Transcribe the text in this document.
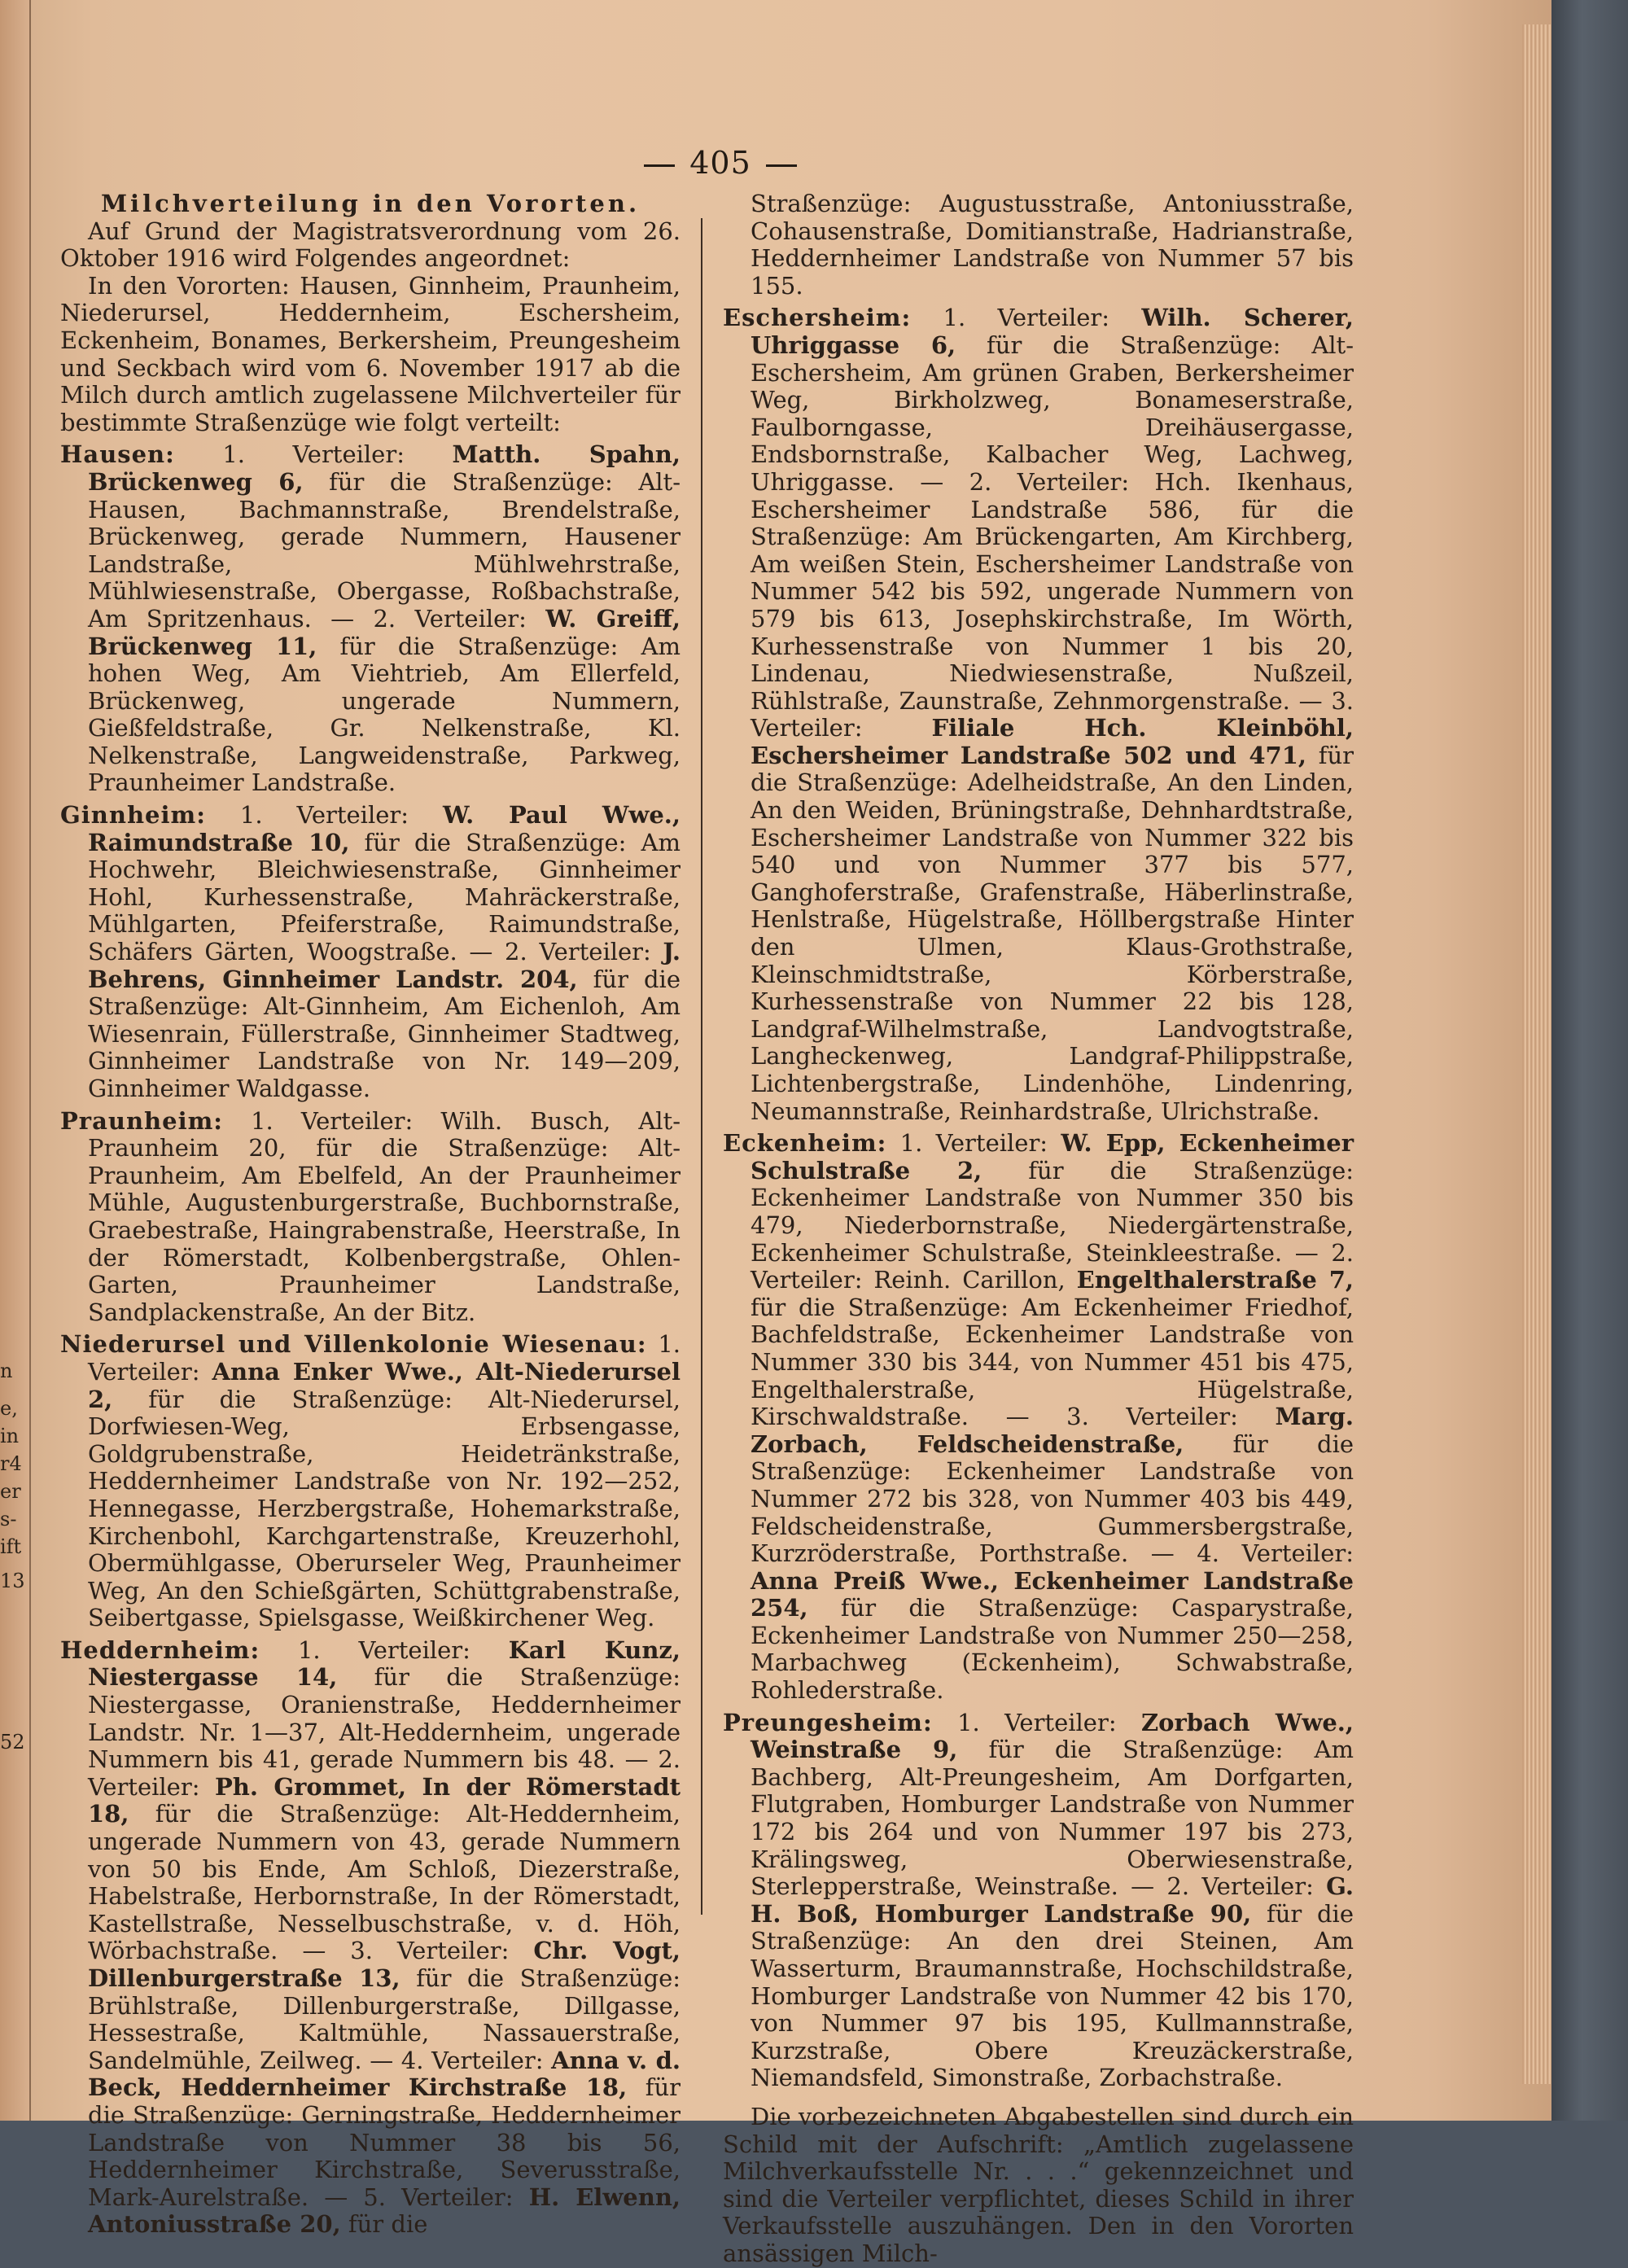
n
e,
in
r4
er
s-
ift
13
52
405

Milchverteilung in den Vororten.

Auf Grund der Magistratsverordnung vom 26. Oktober 1916 wird Folgendes angeordnet:

In den Vororten: Hausen, Ginnheim, Praunheim, Niederursel, Heddernheim, Eschersheim, Eckenheim, Bonames, Berkersheim, Preungesheim und Seckbach wird vom 6. November 1917 ab die Milch durch amtlich zugelassene Milchverteiler für bestimmte Straßenzüge wie folgt verteilt:

Hausen: 1. Verteiler: Matth. Spahn, Brückenweg 6, für die Straßenzüge: Alt-Hausen, Bachmannstraße, Brendelstraße, Brückenweg, gerade Nummern, Hausener Landstraße, Mühlwehrstraße, Mühlwiesenstraße, Obergasse, Roßbachstraße, Am Spritzenhaus. — 2. Verteiler: W. Greiff, Brückenweg 11, für die Straßenzüge: Am hohen Weg, Am Viehtrieb, Am Ellerfeld, Brückenweg, ungerade Nummern, Gießfeldstraße, Gr. Nelkenstraße, Kl. Nelkenstraße, Langweidenstraße, Parkweg, Praunheimer Landstraße.

Ginnheim: 1. Verteiler: W. Paul Wwe., Raimundstraße 10, für die Straßenzüge: Am Hochwehr, Bleichwiesenstraße, Ginnheimer Hohl, Kurhessenstraße, Mahräckerstraße, Mühlgarten, Pfeiferstraße, Raimundstraße, Schäfers Gärten, Woogstraße. — 2. Verteiler: J. Behrens, Ginnheimer Landstr. 204, für die Straßenzüge: Alt-Ginnheim, Am Eichenloh, Am Wiesenrain, Füllerstraße, Ginnheimer Stadtweg, Ginnheimer Landstraße von Nr. 149—209, Ginnheimer Waldgasse.

Praunheim: 1. Verteiler: Wilh. Busch, Alt-Praunheim 20, für die Straßenzüge: Alt-Praunheim, Am Ebelfeld, An der Praunheimer Mühle, Augustenburgerstraße, Buchbornstraße, Graebestraße, Haingrabenstraße, Heerstraße, In der Römerstadt, Kolbenbergstraße, Ohlen-Garten, Praunheimer Landstraße, Sandplackenstraße, An der Bitz.

Niederursel und Villenkolonie Wiesenau: 1. Verteiler: Anna Enker Wwe., Alt-Niederursel 2, für die Straßenzüge: Alt-Niederursel, Dorfwiesen-Weg, Erbsengasse, Goldgrubenstraße, Heidetränkstraße, Heddernheimer Landstraße von Nr. 192—252, Hennegasse, Herzbergstraße, Hohemarkstraße, Kirchenbohl, Karchgartenstraße, Kreuzerhohl, Obermühlgasse, Oberurseler Weg, Praunheimer Weg, An den Schießgärten, Schüttgrabenstraße, Seibertgasse, Spielsgasse, Weißkirchener Weg.

Heddernheim: 1. Verteiler: Karl Kunz, Niestergasse 14, für die Straßenzüge: Niestergasse, Oranienstraße, Heddernheimer Landstr. Nr. 1—37, Alt-Heddernheim, ungerade Nummern bis 41, gerade Nummern bis 48. — 2. Verteiler: Ph. Grommet, In der Römerstadt 18, für die Straßenzüge: Alt-Heddernheim, ungerade Nummern von 43, gerade Nummern von 50 bis Ende, Am Schloß, Diezerstraße, Habelstraße, Herbornstraße, In der Römerstadt, Kastellstraße, Nesselbuschstraße, v. d. Höh, Wörbachstraße. — 3. Verteiler: Chr. Vogt, Dillenburgerstraße 13, für die Straßenzüge: Brühlstraße, Dillenburgerstraße, Dillgasse, Hessestraße, Kaltmühle, Nassauerstraße, Sandelmühle, Zeilweg. — 4. Verteiler: Anna v. d. Beck, Heddernheimer Kirchstraße 18, für die Straßenzüge: Gerningstraße, Heddernheimer Landstraße von Nummer 38 bis 56, Heddernheimer Kirchstraße, Severusstraße, Mark-Aurelstraße. — 5. Verteiler: H. Elwenn, Antoniusstraße 20, für die

Straßenzüge: Augustusstraße, Antoniusstraße, Cohausenstraße, Domitianstraße, Hadrianstraße, Heddernheimer Landstraße von Nummer 57 bis 155.

Eschersheim: 1. Verteiler: Wilh. Scherer, Uhriggasse 6, für die Straßenzüge: Alt-Eschersheim, Am grünen Graben, Berkersheimer Weg, Birkholzweg, Bonameserstraße, Faulborngasse, Dreihäusergasse, Endsbornstraße, Kalbacher Weg, Lachweg, Uhriggasse. — 2. Verteiler: Hch. Ikenhaus, Eschersheimer Landstraße 586, für die Straßenzüge: Am Brückengarten, Am Kirchberg, Am weißen Stein, Eschersheimer Landstraße von Nummer 542 bis 592, ungerade Nummern von 579 bis 613, Josephskirchstraße, Im Wörth, Kurhessenstraße von Nummer 1 bis 20, Lindenau, Niedwiesenstraße, Nußzeil, Rühlstraße, Zaunstraße, Zehnmorgenstraße. — 3. Verteiler: Filiale Hch. Kleinböhl, Eschersheimer Landstraße 502 und 471, für die Straßenzüge: Adelheidstraße, An den Linden, An den Weiden, Brüningstraße, Dehnhardtstraße, Eschersheimer Landstraße von Nummer 322 bis 540 und von Nummer 377 bis 577, Ganghoferstraße, Grafenstraße, Häberlinstraße, Henlstraße, Hügelstraße, Höllbergstraße Hinter den Ulmen, Klaus-Grothstraße, Kleinschmidtstraße, Körberstraße, Kurhessenstraße von Nummer 22 bis 128, Landgraf-Wilhelmstraße, Landvogtstraße, Langheckenweg, Landgraf-Philippstraße, Lichtenbergstraße, Lindenhöhe, Lindenring, Neumannstraße, Reinhardstraße, Ulrichstraße.

Eckenheim: 1. Verteiler: W. Epp, Eckenheimer Schulstraße 2, für die Straßenzüge: Eckenheimer Landstraße von Nummer 350 bis 479, Niederbornstraße, Niedergärtenstraße, Eckenheimer Schulstraße, Steinkleestraße. — 2. Verteiler: Reinh. Carillon, Engelthalerstraße 7, für die Straßenzüge: Am Eckenheimer Friedhof, Bachfeldstraße, Eckenheimer Landstraße von Nummer 330 bis 344, von Nummer 451 bis 475, Engelthalerstraße, Hügelstraße, Kirschwaldstraße. — 3. Verteiler: Marg. Zorbach, Feldscheidenstraße, für die Straßenzüge: Eckenheimer Landstraße von Nummer 272 bis 328, von Nummer 403 bis 449, Feldscheidenstraße, Gummersbergstraße, Kurzröderstraße, Porthstraße. — 4. Verteiler: Anna Preiß Wwe., Eckenheimer Landstraße 254, für die Straßenzüge: Casparystraße, Eckenheimer Landstraße von Nummer 250—258, Marbachweg (Eckenheim), Schwabstraße, Rohlederstraße.

Preungesheim: 1. Verteiler: Zorbach Wwe., Weinstraße 9, für die Straßenzüge: Am Bachberg, Alt-Preungesheim, Am Dorfgarten, Flutgraben, Homburger Landstraße von Nummer 172 bis 264 und von Nummer 197 bis 273, Krälingsweg, Oberwiesenstraße, Sterlepperstraße, Weinstraße. — 2. Verteiler: G. H. Boß, Homburger Landstraße 90, für die Straßenzüge: An den drei Steinen, Am Wasserturm, Braumannstraße, Hochschildstraße, Homburger Landstraße von Nummer 42 bis 170, von Nummer 97 bis 195, Kullmannstraße, Kurzstraße, Obere Kreuzäckerstraße, Niemandsfeld, Simonstraße, Zorbachstraße.

Die vorbezeichneten Abgabestellen sind durch ein Schild mit der Aufschrift: „Amtlich zugelassene Milchverkaufsstelle Nr. . . .“ gekennzeichnet und sind die Verteiler verpflichtet, dieses Schild in ihrer Verkaufsstelle auszuhängen. Den in den Vororten ansässigen Milch-
